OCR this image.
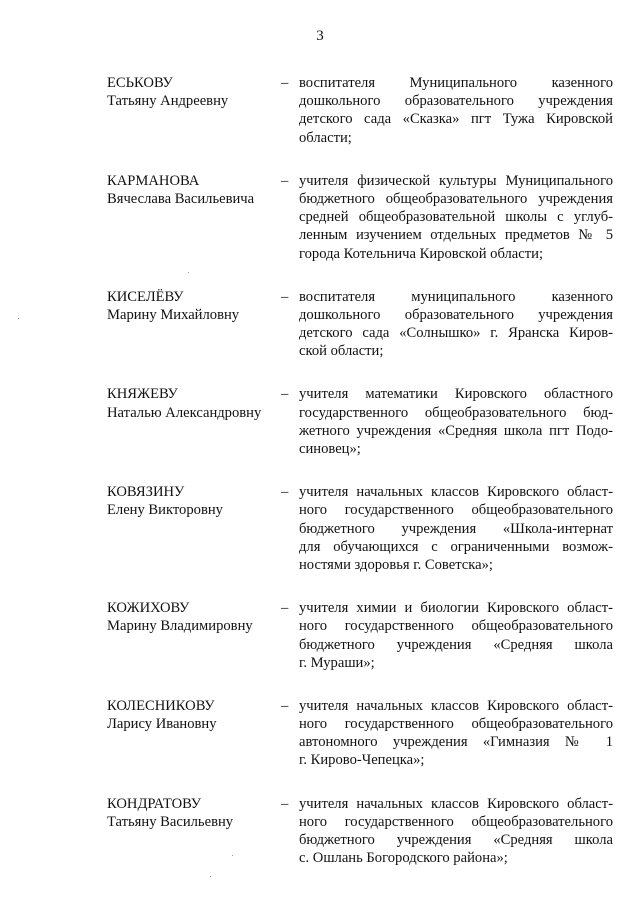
3
ЕСЬКОВУ
Татьяну Андреевну
– воспитателя Муниципального казенного
дошкольного образовательного учреждения
детского сада «Сказка» пгт Тужа Кировской
области;
КАРМАНОВА
Вячеслава Васильевича
– учителя физической культуры Муниципального
бюджетного общеобразовательного учреждения
средней общеобразовательной школы с углуб-
ленным изучением отдельных предметов № 5
города Котельнича Кировской области;
КИСЕЛЁВУ
Марину Михайловну
– воспитателя муниципального казенного
дошкольного образовательного учреждения
детского сада «Солнышко» г. Яранска Киров-
ской области;
КНЯЖЕВУ
Наталью Александровну
– учителя математики Кировского областного
государственного общеобразовательного бюд-
жетного учреждения «Средняя школа пгт Подо-
синовец»;
КОВЯЗИНУ
Елену Викторовну
– учителя начальных классов Кировского област-
ного государственного общеобразовательного
бюджетного учреждения «Школа-интернат
для обучающихся с ограниченными возмож-
ностями здоровья г. Советска»;
КОЖИХОВУ
Марину Владимировну
– учителя химии и биологии Кировского област-
ного государственного общеобразовательного
бюджетного учреждения «Средняя школа
г. Мураши»;
КОЛЕСНИКОВУ
Ларису Ивановну
– учителя начальных классов Кировского област-
ного государственного общеобразовательного
автономного учреждения «Гимназия № 1
г. Кирово-Чепецка»;
КОНДРАТОВУ
Татьяну Васильевну
– учителя начальных классов Кировского област-
ного государственного общеобразовательного
бюджетного учреждения «Средняя школа
с. Ошлань Богородского района»;
